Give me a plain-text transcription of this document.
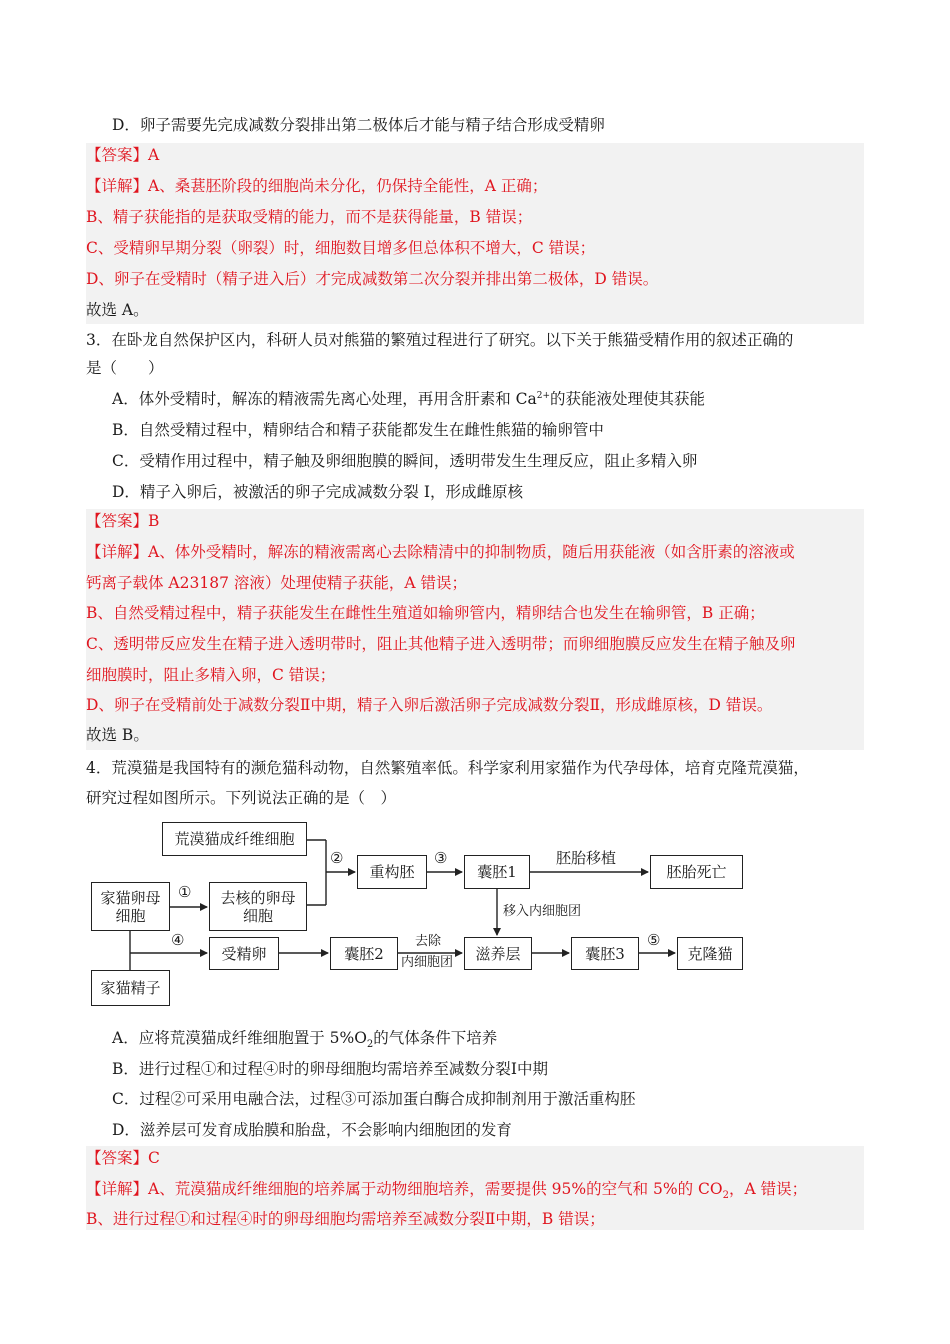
D．卵子需要先完成减数分裂排出第二极体后才能与精子结合形成受精卵
【答案】A
【详解】A、桑葚胚阶段的细胞尚未分化，仍保持全能性，A 正确；
B、精子获能指的是获取受精的能力，而不是获得能量，B 错误；
C、受精卵早期分裂（卵裂）时，细胞数目增多但总体积不增大，C 错误；
D、卵子在受精时（精子进入后）才完成减数第二次分裂并排出第二极体，D 错误。
故选 A。
3．在卧龙自然保护区内，科研人员对熊猫的繁殖过程进行了研究。以下关于熊猫受精作用的叙述正确的
是（　　）
A．体外受精时，解冻的精液需先离心处理，再用含肝素和 $Ca^{2+}$的获能液处理使其获能
B．自然受精过程中，精卵结合和精子获能都发生在雌性熊猫的输卵管中
C．受精作用过程中，精子触及卵细胞膜的瞬间，透明带发生生理反应，阻止多精入卵
D．精子入卵后，被激活的卵子完成减数分裂 I，形成雌原核
【答案】B
【详解】A、体外受精时，解冻的精液需离心去除精清中的抑制物质，随后用获能液（如含肝素的溶液或
钙离子载体 A23187 溶液）处理使精子获能，A 错误；
B、自然受精过程中，精子获能发生在雌性生殖道如输卵管内，精卵结合也发生在输卵管，B 正确；
C、透明带反应发生在精子进入透明带时，阻止其他精子进入透明带；而卵细胞膜反应发生在精子触及卵
细胞膜时，阻止多精入卵，C 错误；
D、卵子在受精前处于减数分裂Ⅱ中期，精子入卵后激活卵子完成减数分裂Ⅱ，形成雌原核，D 错误。
故选 B。
4．荒漠猫是我国特有的濒危猫科动物，自然繁殖率低。科学家利用家猫作为代孕母体，培育克隆荒漠猫，
研究过程如图所示。下列说法正确的是（　）
荒漠猫成纤维细胞
家猫卵母
细胞
去核的卵母
细胞
重构胚	囊胚1	胚胎死亡
受精卵	囊胚2	滋养层	囊胚3	克隆猫
家猫精子
①
②	③
④	⑤
胚胎移植
移入内细胞团
去除
内细胞团
A．应将荒漠猫成纤维细胞置于 $5\%O_2$的气体条件下培养
B．进行过程①和过程④时的卵母细胞均需培养至减数分裂Ⅰ中期
C．过程②可采用电融合法，过程③可添加蛋白酶合成抑制剂用于激活重构胚
D．滋养层可发育成胎膜和胎盘，不会影响内细胞团的发育
【答案】C
【详解】A、荒漠猫成纤维细胞的培养属于动物细胞培养，需要提供 95%的空气和 5%的 $CO_2$，A 错误；
B、进行过程①和过程④时的卵母细胞均需培养至减数分裂Ⅱ中期，B 错误；
